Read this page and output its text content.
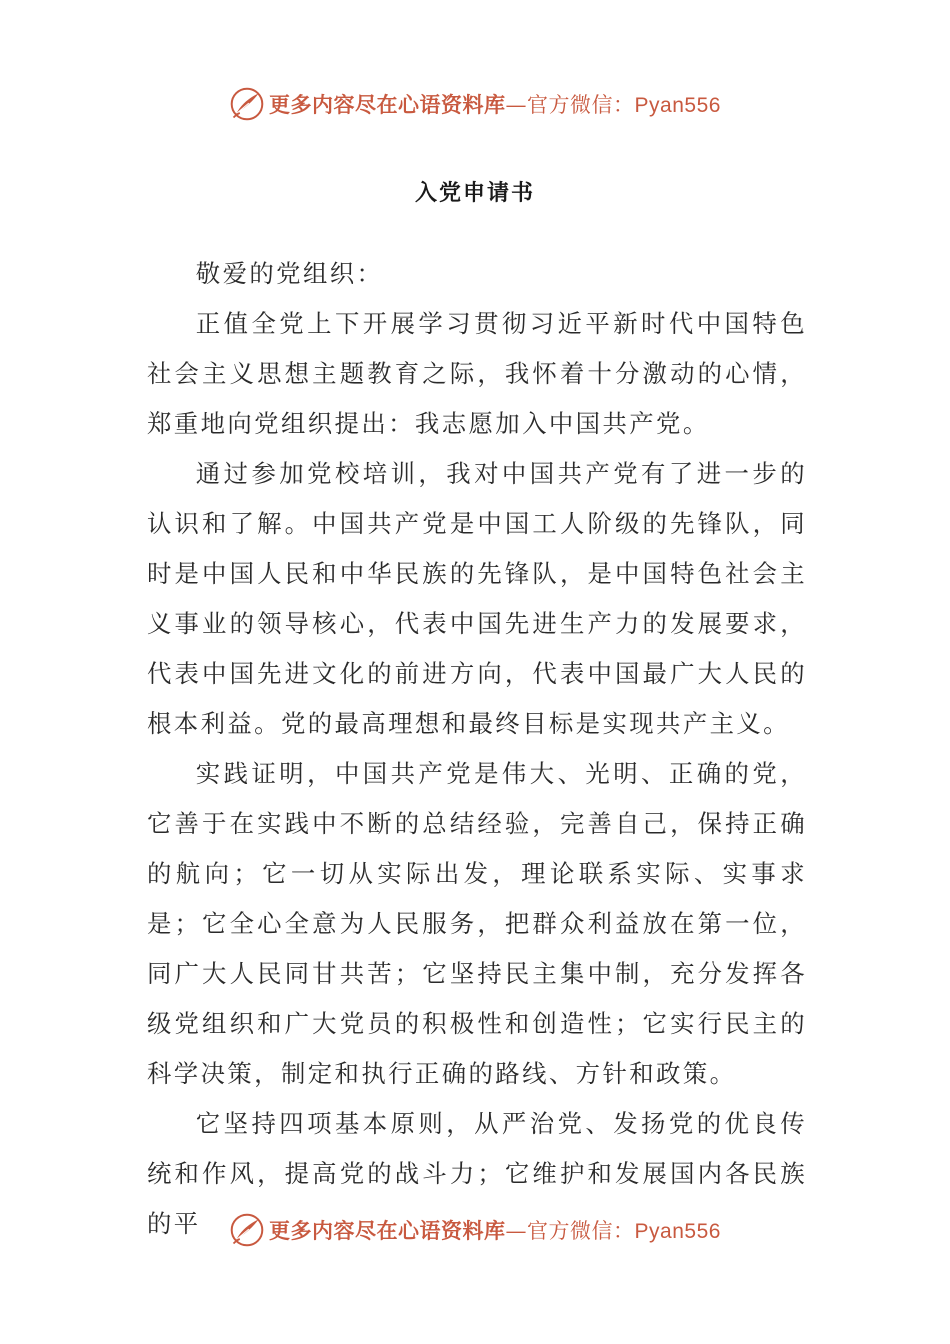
更多内容尽在心语资料库—官方微信：Pyan556
入党申请书

敬爱的党组织：

正值全党上下开展学习贯彻习近平新时代中国特色社会主义思想主题教育之际，我怀着十分激动的心情，郑重地向党组织提出：我志愿加入中国共产党。

通过参加党校培训，我对中国共产党有了进一步的认识和了解。中国共产党是中国工人阶级的先锋队，同时是中国人民和中华民族的先锋队，是中国特色社会主义事业的领导核心，代表中国先进生产力的发展要求，代表中国先进文化的前进方向，代表中国最广大人民的根本利益。党的最高理想和最终目标是实现共产主义。

实践证明，中国共产党是伟大、光明、正确的党，它善于在实践中不断的总结经验，完善自己，保持正确的航向；它一切从实际出发，理论联系实际、实事求是；它全心全意为人民服务，把群众利益放在第一位，同广大人民同甘共苦；它坚持民主集中制，充分发挥各级党组织和广大党员的积极性和创造性；它实行民主的科学决策，制定和执行正确的路线、方针和政策。

它坚持四项基本原则，从严治党、发扬党的优良传统和作风，提高党的战斗力；它维护和发展国内各民族的平	更多内容尽在心语资料库—官方微信：Pyan556
